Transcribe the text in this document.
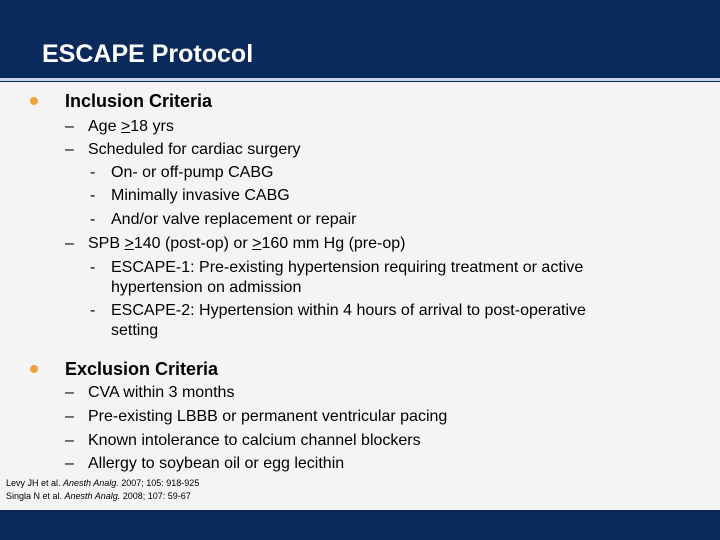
ESCAPE Protocol
Inclusion Criteria
– Age >18 yrs
– Scheduled for cardiac surgery
- On- or off-pump CABG
- Minimally invasive CABG
- And/or valve replacement or repair
– SPB >140 (post-op) or >160 mm Hg (pre-op)
- ESCAPE-1: Pre-existing hypertension requiring treatment or active
hypertension on admission
- ESCAPE-2: Hypertension within 4 hours of arrival to post-operative
setting
Exclusion Criteria
– CVA within 3 months
– Pre-existing LBBB or permanent ventricular pacing
– Known intolerance to calcium channel blockers
– Allergy to soybean oil or egg lecithin
Levy JH et al. Anesth Analg. 2007; 105: 918-925
Singla N et al. Anesth Analg. 2008; 107: 59-67
